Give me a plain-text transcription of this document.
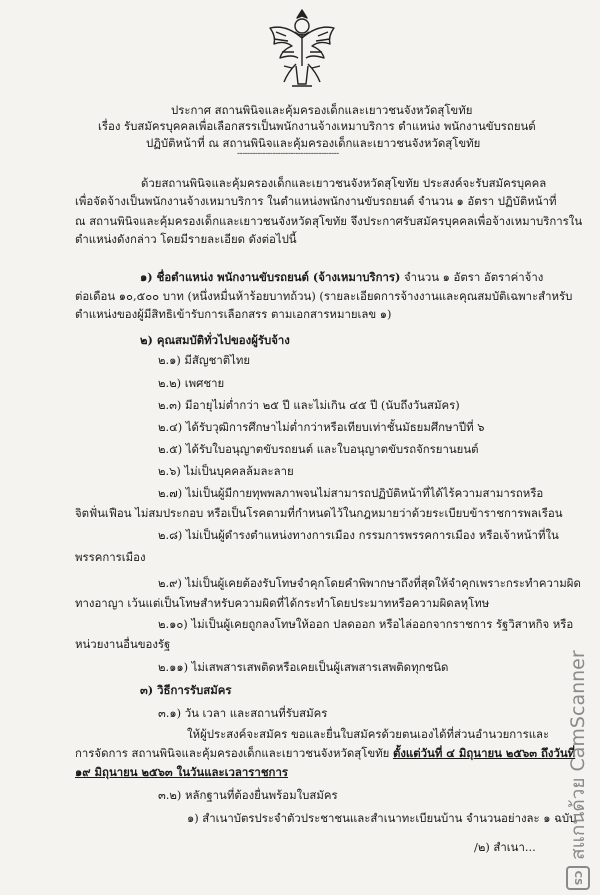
ประกาศ สถานพินิจและคุ้มครองเด็กและเยาวชนจังหวัดสุโขทัย
เรื่อง รับสมัครบุคคลเพื่อเลือกสรรเป็นพนักงานจ้างเหมาบริการ ตำแหน่ง พนักงานขับรถยนต์
ปฏิบัติหน้าที่ ณ สถานพินิจและคุ้มครองเด็กและเยาวชนจังหวัดสุโขทัย
----------------------------------------
ด้วยสถานพินิจและคุ้มครองเด็กและเยาวชนจังหวัดสุโขทัย ประสงค์จะรับสมัครบุคคล
เพื่อจัดจ้างเป็นพนักงานจ้างเหมาบริการ ในตำแหน่งพนักงานขับรถยนต์ จำนวน ๑ อัตรา ปฏิบัติหน้าที่
ณ สถานพินิจและคุ้มครองเด็กและเยาวชนจังหวัดสุโขทัย จึงประกาศรับสมัครบุคคลเพื่อจ้างเหมาบริการใน
ตำแหน่งดังกล่าว โดยมีรายละเอียด ดังต่อไปนี้
๑) ชื่อตำแหน่ง พนักงานขับรถยนต์ (จ้างเหมาบริการ) จำนวน ๑ อัตรา อัตราค่าจ้าง
ต่อเดือน ๑๐,๕๐๐ บาท (หนึ่งหมื่นห้าร้อยบาทถ้วน) (รายละเอียดการจ้างงานและคุณสมบัติเฉพาะสำหรับ
ตำแหน่งของผู้มีสิทธิเข้ารับการเลือกสรร ตามเอกสารหมายเลข ๑)
๒) คุณสมบัติทั่วไปของผู้รับจ้าง
๒.๑) มีสัญชาติไทย
๒.๒) เพศชาย
๒.๓) มีอายุไม่ต่ำกว่า ๒๕ ปี และไม่เกิน ๔๕ ปี (นับถึงวันสมัคร)
๒.๔) ได้รับวุฒิการศึกษาไม่ต่ำกว่าหรือเทียบเท่าชั้นมัธยมศึกษาปีที่ ๖
๒.๕) ได้รับใบอนุญาตขับรถยนต์ และใบอนุญาตขับรถจักรยานยนต์
๒.๖) ไม่เป็นบุคคลล้มละลาย
๒.๗) ไม่เป็นผู้มีกายทุพพลภาพจนไม่สามารถปฏิบัติหน้าที่ได้ไร้ความสามารถหรือ
จิตฟั่นเฟือน ไม่สมประกอบ หรือเป็นโรคตามที่กำหนดไว้ในกฎหมายว่าด้วยระเบียบข้าราชการพลเรือน
๒.๘) ไม่เป็นผู้ดำรงตำแหน่งทางการเมือง กรรมการพรรคการเมือง หรือเจ้าหน้าที่ใน
พรรคการเมือง
๒.๙) ไม่เป็นผู้เคยต้องรับโทษจำคุกโดยคำพิพากษาถึงที่สุดให้จำคุกเพราะกระทำความผิด
ทางอาญา เว้นแต่เป็นโทษสำหรับความผิดที่ได้กระทำโดยประมาทหรือความผิดลหุโทษ
๒.๑๐) ไม่เป็นผู้เคยถูกลงโทษให้ออก ปลดออก หรือไล่ออกจากราชการ รัฐวิสาหกิจ หรือ
หน่วยงานอื่นของรัฐ
๒.๑๑) ไม่เสพสารเสพติดหรือเคยเป็นผู้เสพสารเสพติดทุกชนิด
๓) วิธีการรับสมัคร
๓.๑) วัน เวลา และสถานที่รับสมัคร
ให้ผู้ประสงค์จะสมัคร ขอและยื่นใบสมัครด้วยตนเองได้ที่ส่วนอำนวยการและ
การจัดการ สถานพินิจและคุ้มครองเด็กและเยาวชนจังหวัดสุโขทัย ตั้งแต่วันที่ ๔ มิถุนายน ๒๕๖๓ ถึงวันที่
๑๙ มิถุนายน ๒๕๖๓ ในวันและเวลาราชการ
๓.๒) หลักฐานที่ต้องยื่นพร้อมใบสมัคร
๑) สำเนาบัตรประจำตัวประชาชนและสำเนาทะเบียนบ้าน จำนวนอย่างละ ๑ ฉบับ
/๒) สำเนา...
CS
สแกนด้วย CamScanner
